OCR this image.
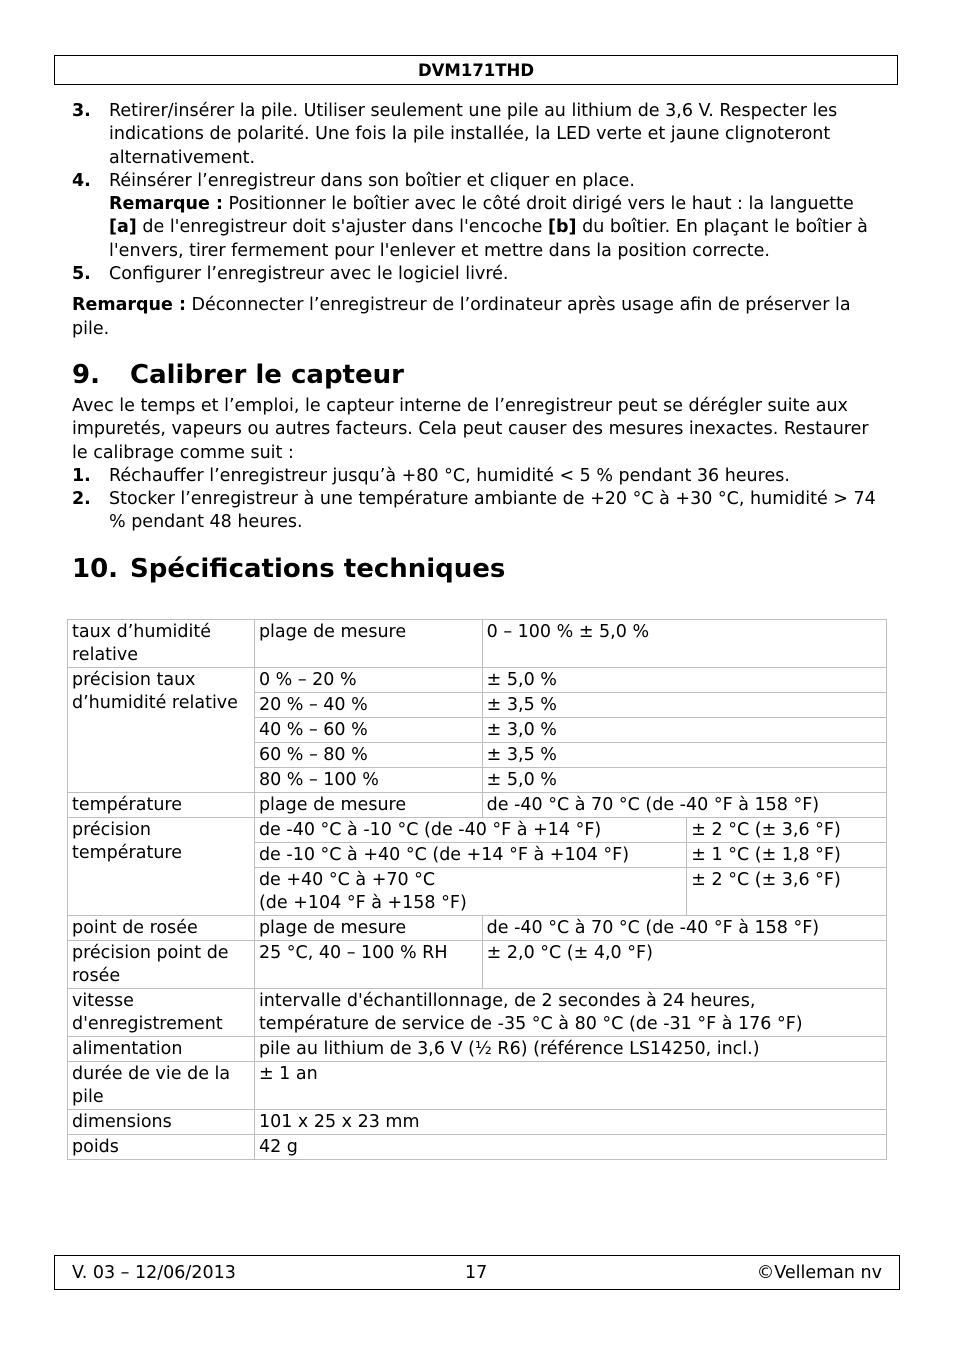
DVM171THD
3.	Retirer/insérer la pile. Utiliser seulement une pile au lithium de 3,6 V. Respecter les indications de polarité. Une fois la pile installée, la LED verte et jaune clignoteront alternativement.
4.	Réinsérer l’enregistreur dans son boîtier et cliquer en place.
Remarque : Positionner le boîtier avec le côté droit dirigé vers le haut : la languette [a] de l'enregistreur doit s'ajuster dans l'encoche [b] du boîtier. En plaçant le boîtier à l'envers, tirer fermement pour l'enlever et mettre dans la position correcte.
5.	Configurer l’enregistreur avec le logiciel livré.
Remarque : Déconnecter l’enregistreur de l’ordinateur après usage afin de préserver la pile.
9.	Calibrer le capteur
Avec le temps et l’emploi, le capteur interne de l’enregistreur peut se dérégler suite aux impuretés, vapeurs ou autres facteurs. Cela peut causer des mesures inexactes. Restaurer le calibrage comme suit :
1.	Réchauffer l’enregistreur jusqu’à +80 °C, humidité < 5 % pendant 36 heures.
2.	Stocker l’enregistreur à une température ambiante de +20 °C à +30 °C, humidité > 74 % pendant 48 heures.
10. Spécifications techniques
taux d’humidité relative	plage de mesure	0 – 100 % ± 5,0 %	
précision taux d’humidité relative	0 % – 20 %	± 5,0 %	
	20 % – 40 %	± 3,5 %	
	40 % – 60 %	± 3,0 %	
	60 % – 80 %	± 3,5 %	
	80 % – 100 %	± 5,0 %	
température	plage de mesure	de -40 °C à 70 °C (de -40 °F à 158 °F)	
précision température	de -40 °C à -10 °C (de -40 °F à +14 °F)		± 2 °C (± 3,6 °F)
	de -10 °C à +40 °C (de +14 °F à +104 °F)		± 1 °C (± 1,8 °F)
	de +40 °C à +70 °C
(de +104 °F à +158 °F)		± 2 °C (± 3,6 °F)
point de rosée	plage de mesure	de -40 °C à 70 °C (de -40 °F à 158 °F)	
précision point de rosée	25 °C, 40 – 100 % RH	± 2,0 °C (± 4,0 °F)	
vitesse d'enregistrement	intervalle d'échantillonnage, de 2 secondes à 24 heures,
température de service de -35 °C à 80 °C (de -31 °F à 176 °F)		
alimentation	pile au lithium de 3,6 V (½ R6) (référence LS14250, incl.)		
durée de vie de la pile	± 1 an		
dimensions	101 x 25 x 23 mm		
poids	42 g		
V. 03 – 12/06/2013	17	©Velleman nv
